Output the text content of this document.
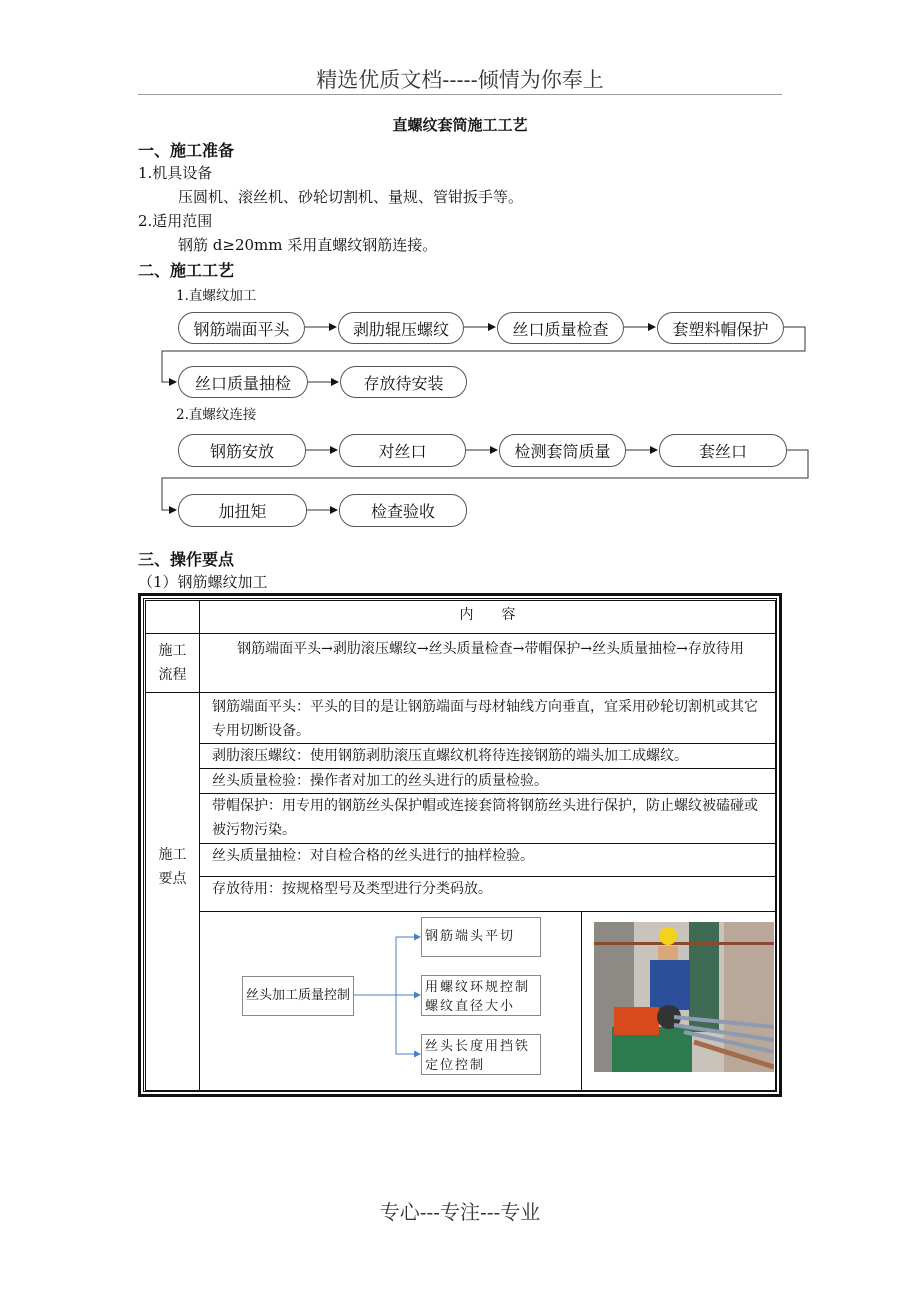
精选优质文档-----倾情为你奉上
直螺纹套筒施工工艺
一、施工准备
1.机具设备
压圆机、滚丝机、砂轮切割机、量规、管钳扳手等。
2.适用范围
钢筋 d≥20mm 采用直螺纹钢筋连接。
二、施工工艺
1.直螺纹加工
2.直螺纹连接
钢筋端面平头	剥肋辊压螺纹	丝口质量检查	套塑料帽保护
丝口质量抽检	存放待安装
钢筋安放	对丝口	检测套筒质量	套丝口
加扭矩	检查验收
三、操作要点
（1）钢筋螺纹加工
内　　容
施工流程
钢筋端面平头→剥肋滚压螺纹→丝头质量检查→带帽保护→丝头质量抽检→存放待用
施工要点
钢筋端面平头：平头的目的是让钢筋端面与母材轴线方向垂直，宜采用砂轮切割机或其它专用切断设备。
剥肋滚压螺纹：使用钢筋剥肋滚压直螺纹机将待连接钢筋的端头加工成螺纹。
丝头质量检验：操作者对加工的丝头进行的质量检验。
带帽保护：用专用的钢筋丝头保护帽或连接套筒将钢筋丝头进行保护，防止螺纹被磕碰或被污物污染。
丝头质量抽检：对自检合格的丝头进行的抽样检验。
存放待用：按规格型号及类型进行分类码放。
丝头加工质量控制
钢筋端头平切
用螺纹环规控制螺纹直径大小
丝头长度用挡铁定位控制
专心---专注---专业
